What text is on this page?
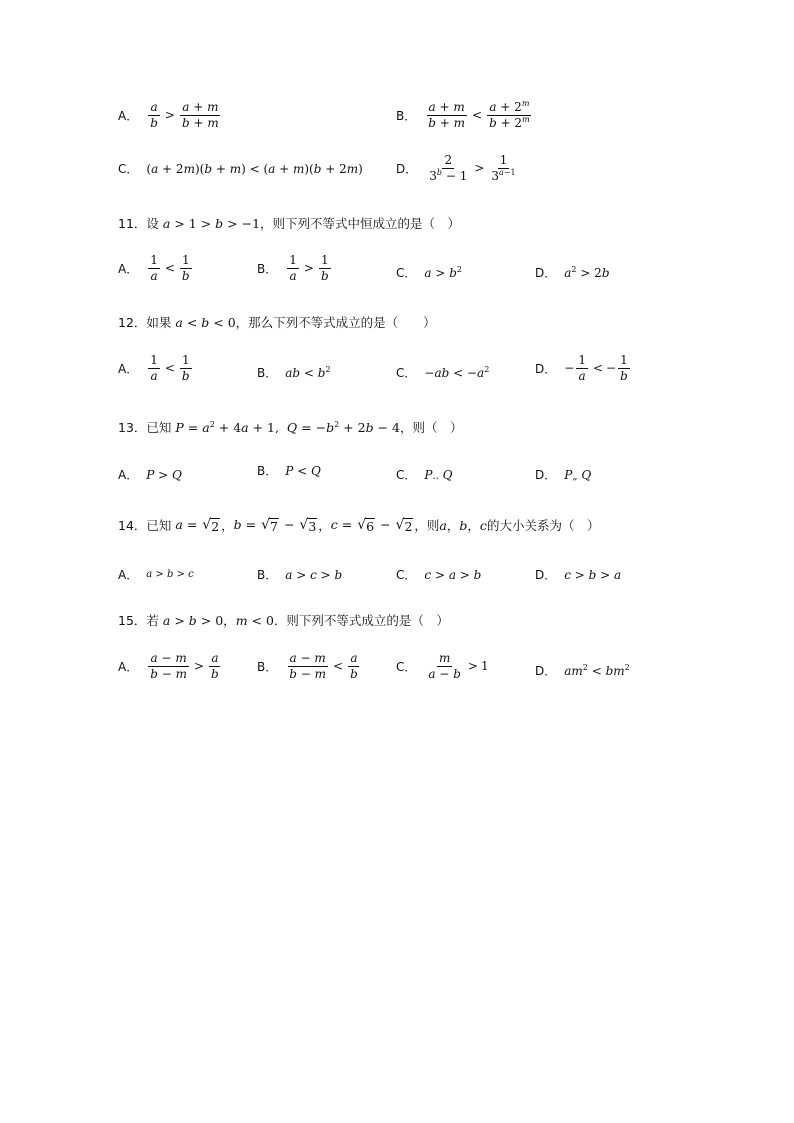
A． $\frac{a}{b} > \frac{a + m}{b + m}$	B． $\frac{a + m}{b + m} < \frac{a + 2^m}{b + 2^m}$
C． (a + 2m)(b + m) < (a + m)(b + 2m)	D． $\frac{2}{3^b - 1} > \frac{1}{3^{a-1}}$
11． 设 a > 1 > b > −1 ，则下列不等式中恒成立的是（　）
A． $\frac{1}{a} < \frac{1}{b}$	B． $\frac{1}{a} > \frac{1}{b}$	C． $a > b^2$	D． $a^2 > 2b$
12． 如果 a < b < 0 ，那么下列不等式成立的是（　　）
A． $\frac{1}{a} < \frac{1}{b}$	B． ab < $b^2$	C． $-ab < -a^2$	D． − $\frac{1}{a}$ < − $\frac{1}{b}$
13． 已知 $P = a^2 + 4a + 1$,  $Q = -b^2 + 2b - 4$ ，则（　）
A． P > Q	B． P < Q	C． P.. Q	D． P„ Q
14． 已知 a = √ 2 ， b = √ 7 − √ 3 ， c = √ 6 − √ 2 ，则 a ， b ， c 的大小关系为（　）
A． a > b > c	B． a > c > b	C． c > a > b	D． c > b > a
15． 若 a > b > 0 ， m < 0 ．则下列不等式成立的是（　）
A． $\frac{a - m}{b - m} > \frac{a}{b}$	B． $\frac{a - m}{b - m} < \frac{a}{b}$	C． $\frac{m}{a - b} > 1$	D． $am^2 < bm^2$
